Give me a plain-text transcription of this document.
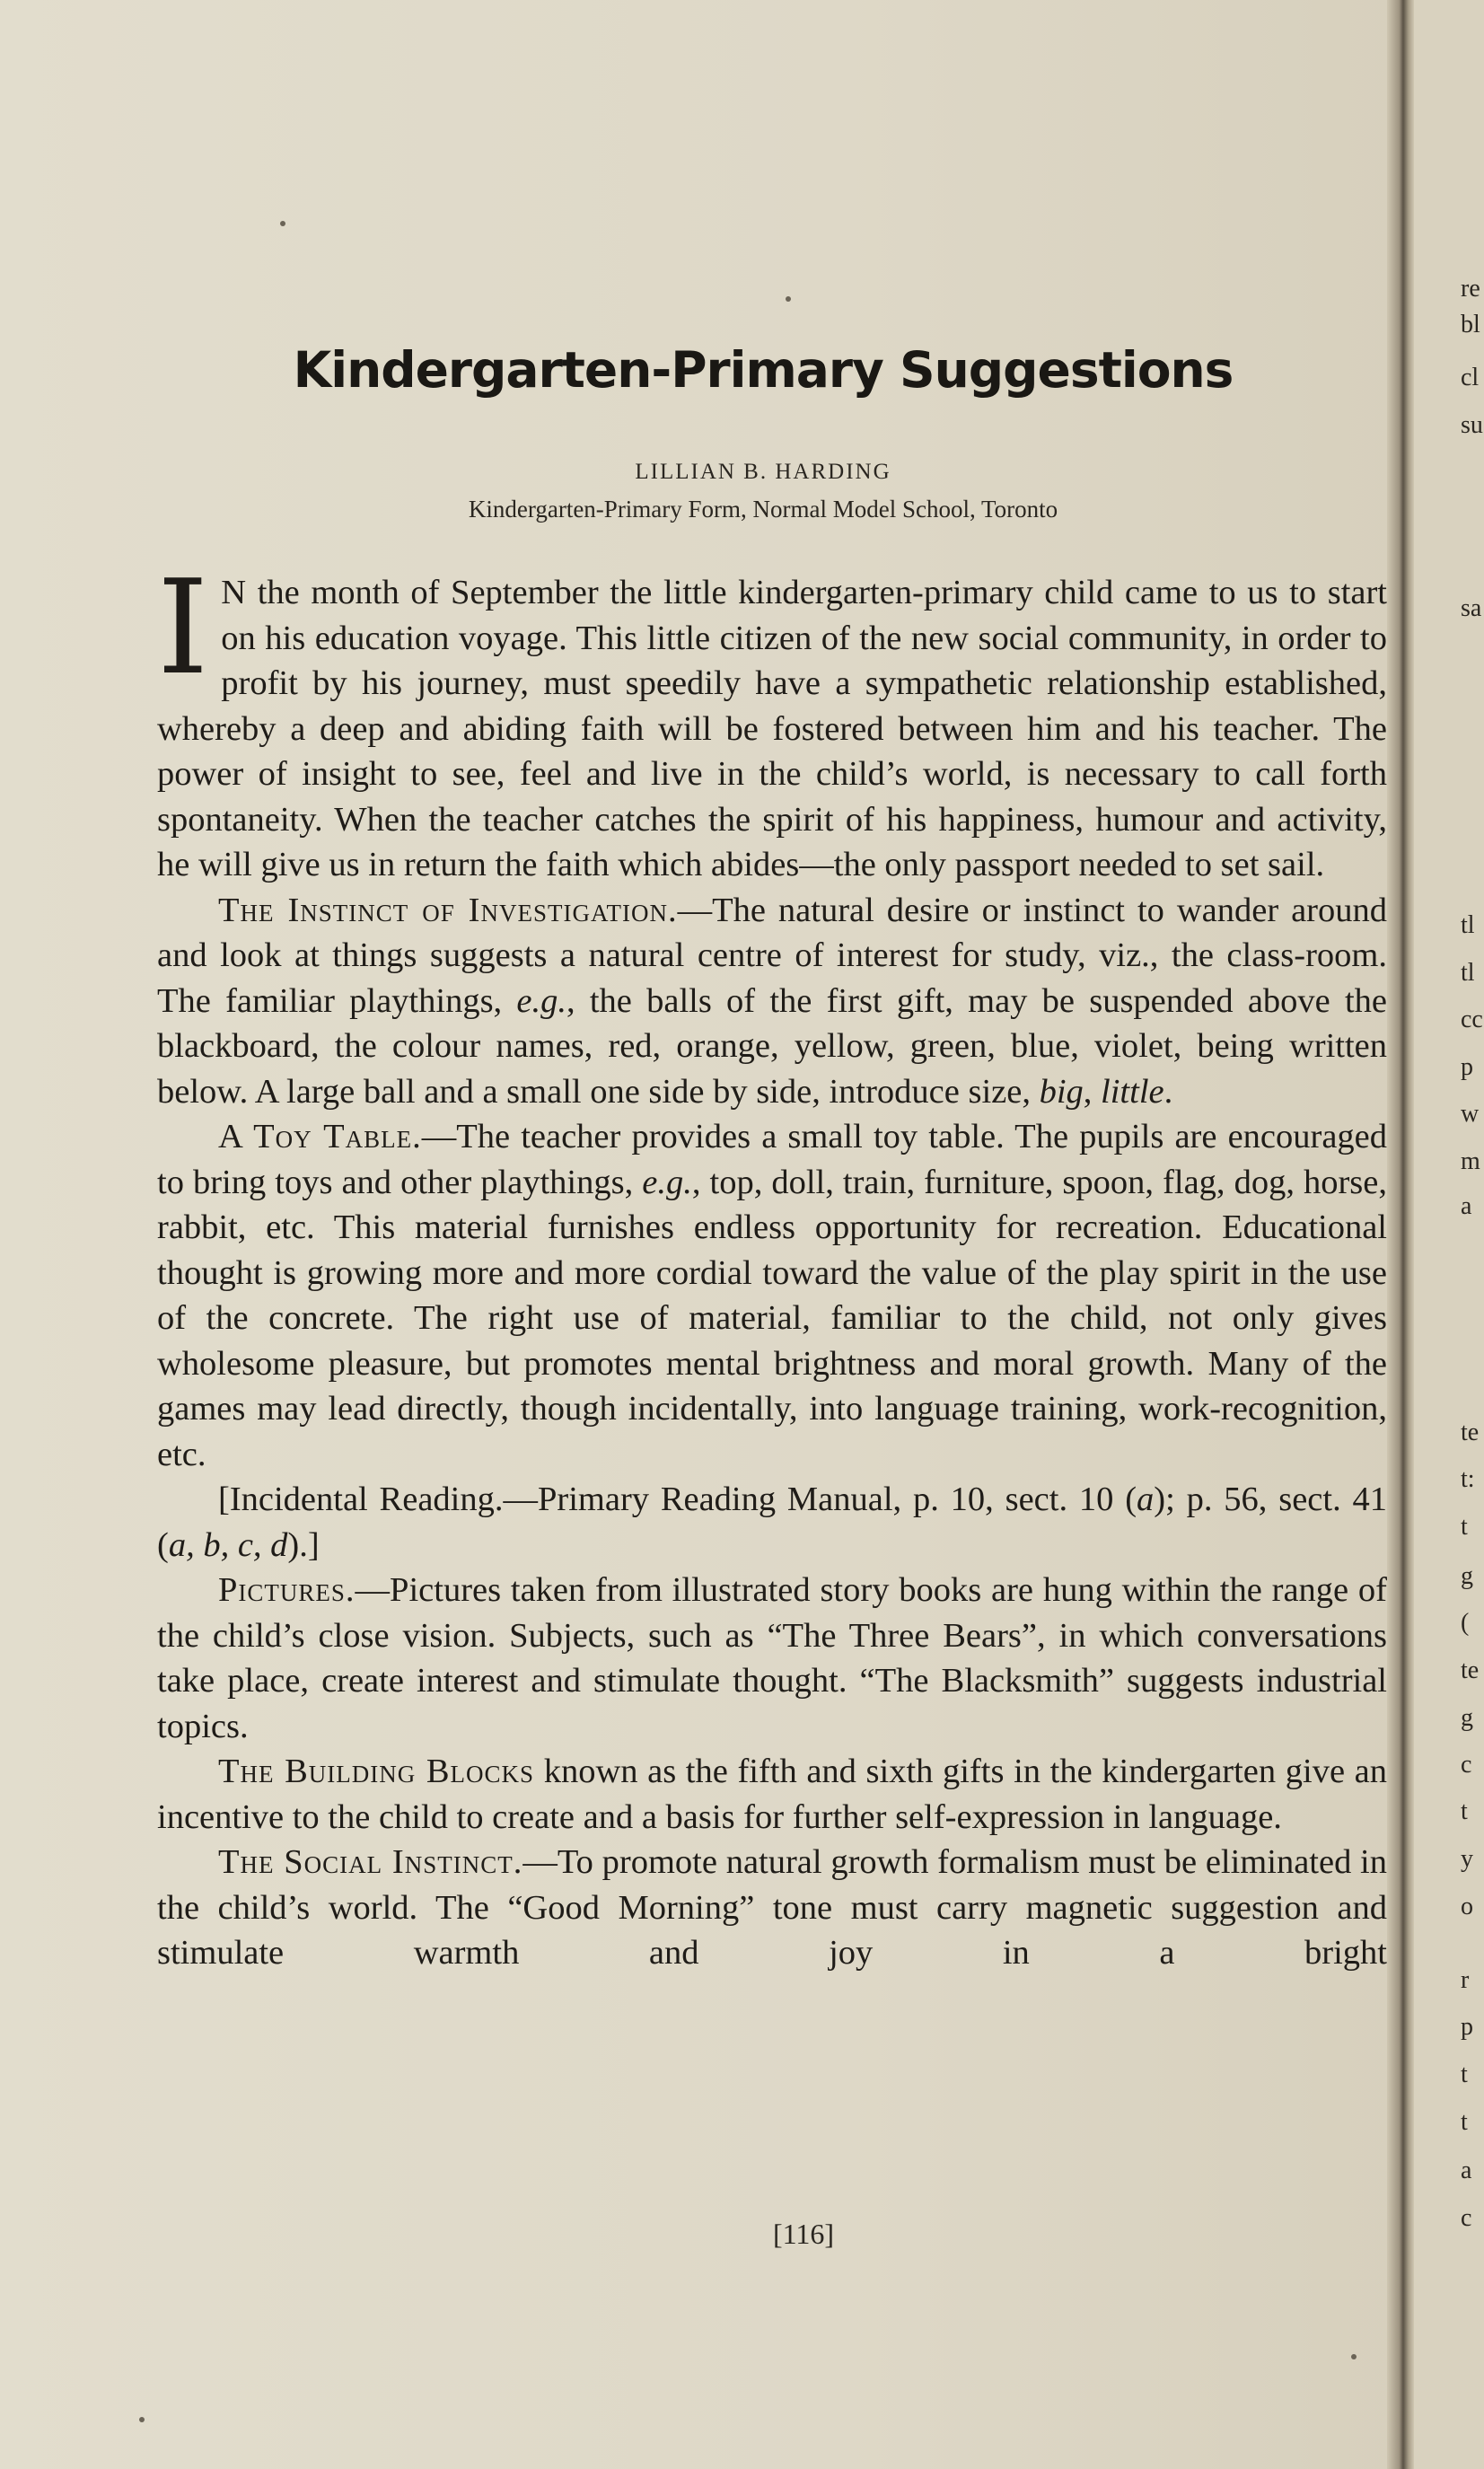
re
bl
cl
su
sa
tl
tl
cc
p
w
m
a
te
t:
t
g
(
te
g
c
t
y
o
r
p
t
t
a
c
Kindergarten-Primary Suggestions
LILLIAN B. HARDING
Kindergarten-Primary Form, Normal Model School, Toronto

I N the month of September the little kindergarten-primary child came to us to start on his education voyage. This little citizen of the new social community, in order to profit by his journey, must speedily have a sympathetic relationship established, whereby a deep and abiding faith will be fostered between him and his teacher. The power of insight to see, feel and live in the child’s world, is necessary to call forth spontaneity. When the teacher catches the spirit of his happiness, humour and activity, he will give us in return the faith which abides—the only passport needed to set sail.

The Instinct of Investigation.—The natural desire or instinct to wander around and look at things suggests a natural centre of interest for study, viz., the class-room. The familiar playthings, e.g., the balls of the first gift, may be suspended above the blackboard, the colour names, red, orange, yellow, green, blue, violet, being written below. A large ball and a small one side by side, introduce size, big, little.

A Toy Table.—The teacher provides a small toy table. The pupils are encouraged to bring toys and other playthings, e.g., top, doll, train, furniture, spoon, flag, dog, horse, rabbit, etc. This material furnishes endless opportunity for recreation. Educational thought is growing more and more cordial toward the value of the play spirit in the use of the concrete. The right use of material, familiar to the child, not only gives wholesome pleasure, but promotes mental brightness and moral growth. Many of the games may lead directly, though incidentally, into language training, work-recognition, etc.

[Incidental Reading.—Primary Reading Manual, p. 10, sect. 10 (a); p. 56, sect. 41 (a, b, c, d).]

Pictures.—Pictures taken from illustrated story books are hung within the range of the child’s close vision. Subjects, such as “The Three Bears”, in which conversations take place, create interest and stimulate thought. “The Blacksmith” suggests industrial topics.

The Building Blocks known as the fifth and sixth gifts in the kindergarten give an incentive to the child to create and a basis for further self-expression in language.

The Social Instinct.—To promote natural growth formalism must be eliminated in the child’s world. The “Good Morning” tone must carry magnetic suggestion and stimulate warmth and joy in a bright

[116]
